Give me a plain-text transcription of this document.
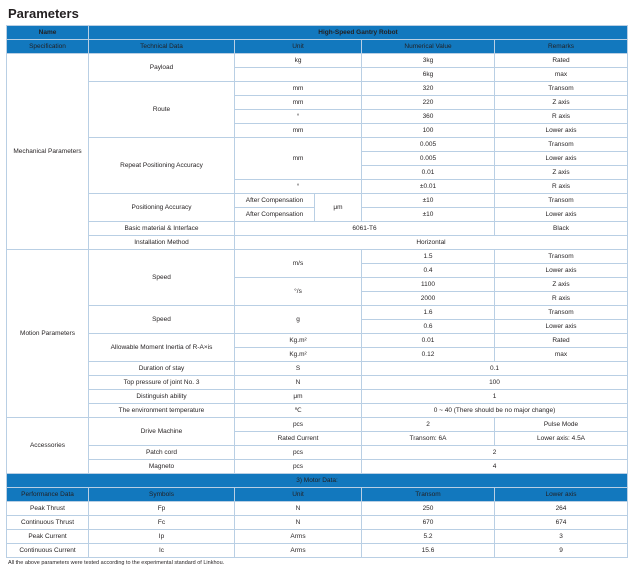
Parameters
Name	High-Speed Gantry Robot				
Specification	Technical Data	Unit		Numerical Value	Remarks
Mechanical Parameters	Payload	kg		3kg	Rated
				6kg	max
	Route	mm		320	Transom
		mm		220	Z axis
		°		360	R axis
		mm		100	Lower axis
	Repeat Positioning Accuracy	mm		0.005	Transom
				0.005	Lower axis
				0.01	Z axis
		°		±0.01	R axis
	Positioning Accuracy	After Compensation	μm	±10	Transom
		After Compensation		±10	Lower axis
	Basic material & Interface	6061-T6			Black
	Installation Method	Horizontal			
Motion Parameters	Speed	m/s		1.5	Transom
				0.4	Lower axis
		°/s		1100	Z axis
				2000	R axis
	Speed	g		1.6	Transom
				0.6	Lower axis
	Allowable Moment Inertia of R-A×is	Kg.m²		0.01	Rated
		Kg.m²		0.12	max
	Duration of stay	S		0.1	
	Top pressure of joint No. 3	N		100	
	Distinguish ability	μm		1	
	The environment temperature	℃		0 ~ 40 (There should be no major change)	
Accessories	Drive Machine	pcs		2	Pulse Mode
		Rated Current		Transom: 6A	Lower axis: 4.5A
	Patch cord	pcs		2	
	Magneto	pcs		4	
3) Motor Data:					
Performance Data	Symbols	Unit		Transom	Lower axis
Peak Thrust	Fp	N		250	264
Continuous Thrust	Fc	N		670	674
Peak Current	Ip	Arms		5.2	3
Continuous Current	Ic	Arms		15.6	9
All the above parameters were tested according to the experimental standard of Linkhou.
